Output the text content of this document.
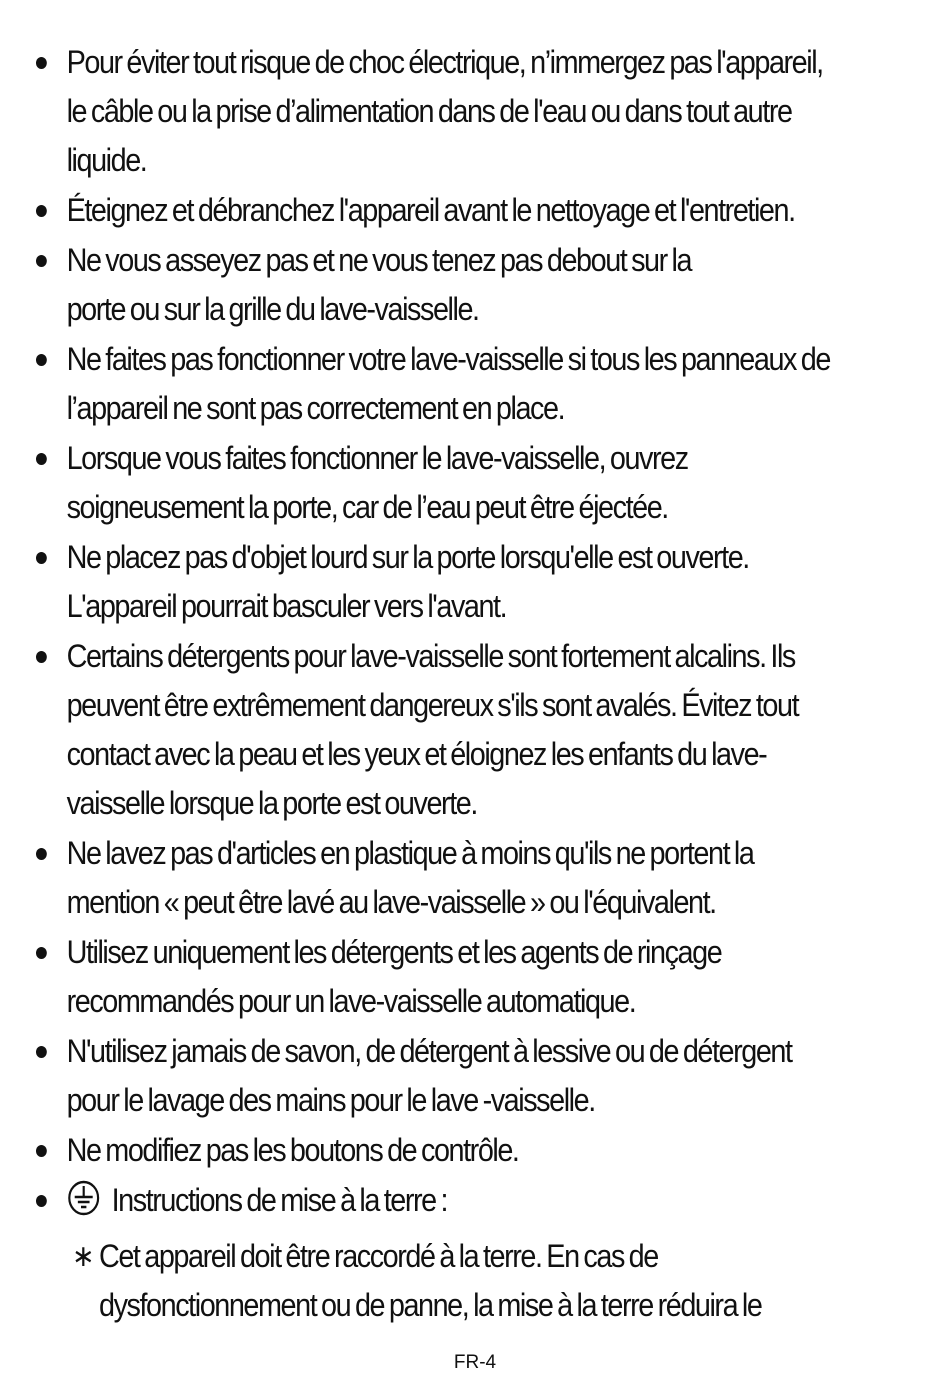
Pour éviter tout risque de choc électrique, n’immergez pas l'appareil, le câble ou la prise d’alimentation dans de l'eau ou dans tout autre liquide.
Éteignez et débranchez l'appareil avant le nettoyage et l'entretien.
Ne vous asseyez pas et ne vous tenez pas debout sur la porte ou sur la grille du lave-vaisselle.
Ne faites pas fonctionner votre lave-vaisselle si tous les panneaux de l’appareil ne sont pas correctement en place.
Lorsque vous faites fonctionner le lave-vaisselle, ouvrez soigneusement la porte, car de l’eau peut être éjectée.
Ne placez pas d'objet lourd sur la porte lorsqu'elle est ouverte. L'appareil pourrait basculer vers l'avant.
Certains détergents pour lave-vaisselle sont fortement alcalins. Ils peuvent être extrêmement dangereux s'ils sont avalés. Évitez tout contact avec la peau et les yeux et éloignez les enfants du lave-vaisselle lorsque la porte est ouverte.
Ne lavez pas d'articles en plastique à moins qu'ils ne portent la mention « peut être lavé au lave-vaisselle » ou l'équivalent.
Utilisez uniquement les détergents et les agents de rinçage recommandés pour un lave-vaisselle automatique.
N'utilisez jamais de savon, de détergent à lessive ou de détergent pour le lavage des mains pour le lave -vaisselle.
Ne modifiez pas les boutons de contrôle.
Instructions de mise à la terre :
∗ Cet appareil doit être raccordé à la terre. En cas de dysfonctionnement ou de panne, la mise à la terre réduira le
FR-4
